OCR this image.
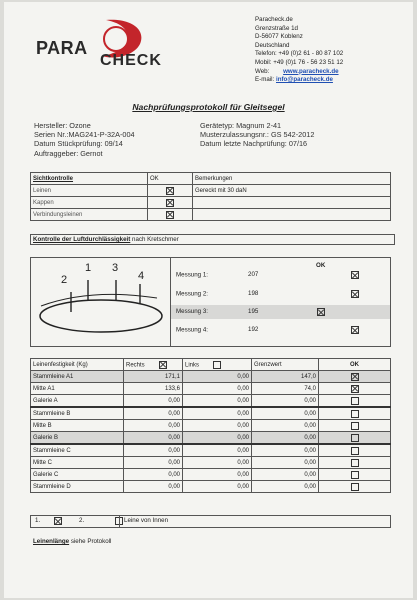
PARA
CHECK
Paracheck.de
Grenzstraße 1d
D-56077 Koblenz
Deutschland
Telefon: +49 (0)2 61 - 80 87 102
Mobil: +49 (0)1 76 - 56 23 51 12
Web: www.paracheck.de
E-mail: info@paracheck.de
Nachprüfungsprotokoll für Gleitsegel
Hersteller: Ozone
Serien Nr.:MAG241-P-32A-004
Datum Stückprüfung: 09/14
Auftraggeber: Gernot
Gerätetyp: Magnum 2-41
Musterzulassungsnr.: GS 542-2012
Datum letzte Nachprüfung: 07/16
Sichtkontrolle	OK	Bemerkungen
Leinen		Gereckt mit 30 daN
Kappen		
Verbindungsleinen		
Kontrolle der Luftdurchlässigkeit nach Kretschmer
2
1 3
4
OK
Messung 1:	207
Messung 2:	198
Messung 3:	195
Messung 4:	192
Leinenfestigkeit (Kg)	Rechts	Links	Grenzwert	OK
Stammleine A1	171,1	0,00	147,0	
Mitte A1	133,6	0,00	74,0	
Galerie A	0,00	0,00	0,00	
Stammleine B	0,00	0,00	0,00	
Mitte B	0,00	0,00	0,00	
Galerie B	0,00	0,00	0,00	
Stammleine C	0,00	0,00	0,00	
Mitte C	0,00	0,00	0,00	
Galerie C	0,00	0,00	0,00	
Stammleine D	0,00	0,00	0,00	
1.
	2.	Leine von Innen
Leinenlänge siehe Protokoll
